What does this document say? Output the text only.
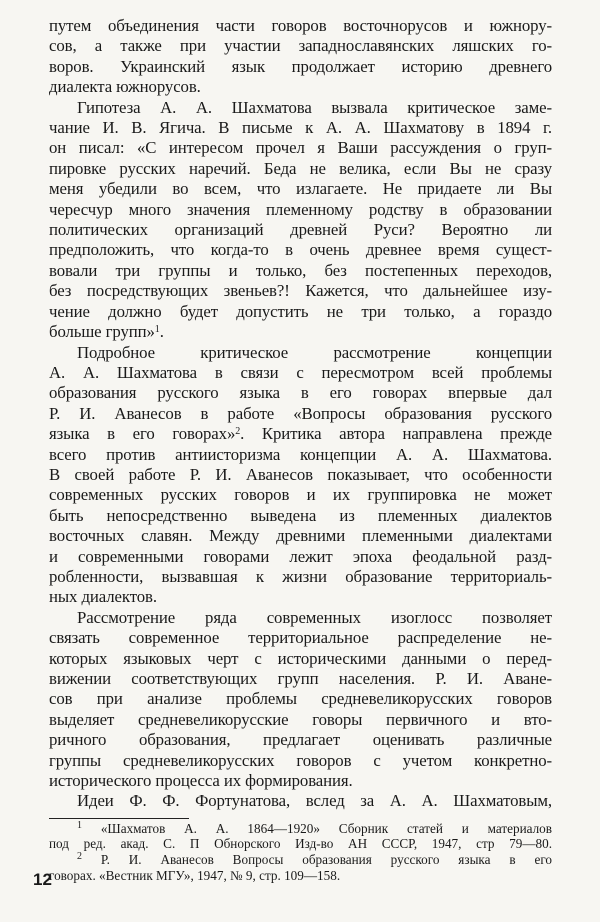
путем объединения части говоров восточнорусов и южнору-
сов, а также при участии западнославянских ляшских го-
воров. Украинский язык продолжает историю древнего
диалекта южнорусов.
Гипотеза А. А. Шахматова вызвала критическое заме-
чание И. В. Ягича. В письме к А. А. Шахматову в 1894 г.
он писал: «С интересом прочел я Ваши рассуждения о груп-
пировке русских наречий. Беда не велика, если Вы не сразу
меня убедили во всем, что излагаете. Не придаете ли Вы
чересчур много значения племенному родству в образовании
политических организаций древней Руси? Вероятно ли
предположить, что когда-то в очень древнее время сущест-
вовали три группы и только, без постепенных переходов,
без посредствующих звеньев?! Кажется, что дальнейшее изу-
чение должно будет допустить не три только, а гораздо
больше групп»$^1$.
Подробное критическое рассмотрение концепции
А. А. Шахматова в связи с пересмотром всей проблемы
образования русского языка в его говорах впервые дал
Р. И. Аванесов в работе «Вопросы образования русского
языка в его говорах»$^2$. Критика автора направлена прежде
всего против антиисторизма концепции А. А. Шахматова.
В своей работе Р. И. Аванесов показывает, что особенности
современных русских говоров и их группировка не может
быть непосредственно выведена из племенных диалектов
восточных славян. Между древними племенными диалектами
и современными говорами лежит эпоха феодальной разд-
робленности, вызвавшая к жизни образование территориаль-
ных диалектов.
Рассмотрение ряда современных изоглосс позволяет
связать современное территориальное распределение не-
которых языковых черт с историческими данными о перед-
вижении соответствующих групп населения. Р. И. Аване-
сов при анализе проблемы средневеликорусских говоров
выделяет средневеликорусские говоры первичного и вто-
ричного образования, предлагает оценивать различные
группы средневеликорусских говоров с учетом конкретно-
исторического процесса их формирования.
Идеи Ф. Ф. Фортунатова, вслед за А. А. Шахматовым,
$^1$ «Шахматов А. А. 1864—1920» Сборник статей и материалов
под ред. акад. С. П Обнорского Изд-во АН СССР, 1947, стр 79—80.
$^2$ Р. И. Аванесов Вопросы образования русского языка в его
говорах. «Вестник МГУ», 1947, № 9, стр. 109—158.
12
